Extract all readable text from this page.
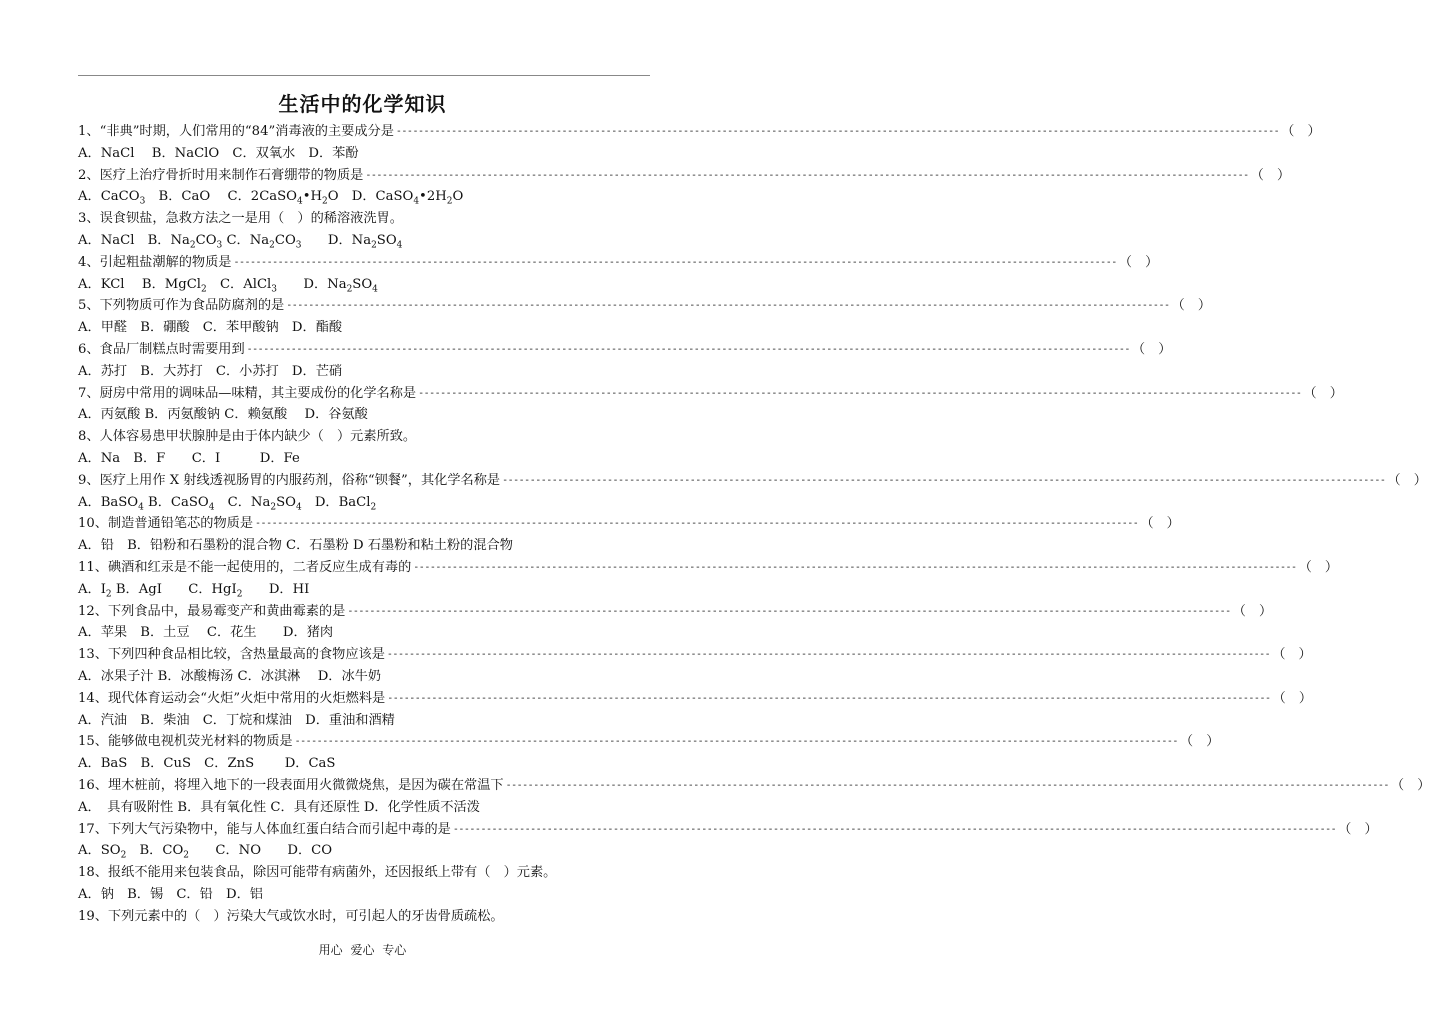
生活中的化学知识
1、“非典”时期，人们常用的“84”消毒液的主要成分是 ---------------------------------------------------------------------------------------------------------------------------------------------------------------- （　）
A．NaCl　 B．NaClO　C．双氧水　D．苯酚
2、医疗上治疗骨折时用来制作石膏绷带的物质是 ---------------------------------------------------------------------------------------------------------------------------------------------------------------- （　）
A．CaCO$_3$　B．CaO　 C．$2CaSO_4•H_2O$　D．$CaSO_4•2H_2O$
3、误食钡盐，急救方法之一是用（　）的稀溶液洗胃。
A．NaCl　B．$Na_2CO_3$ C．$Na_2CO_3$　　D．$Na_2SO_4$
4、引起粗盐潮解的物质是 ---------------------------------------------------------------------------------------------------------------------------------------------------------------- （　）
A．KCl　 B．MgCl$_2$　C．AlCl$_3$　　D．$Na_2SO_4$
5、下列物质可作为食品防腐剂的是 ---------------------------------------------------------------------------------------------------------------------------------------------------------------- （　）
A．甲醛　B．硼酸　C．苯甲酸钠　D．酯酸
6、食品厂制糕点时需要用到 ---------------------------------------------------------------------------------------------------------------------------------------------------------------- （　）
A．苏打　B．大苏打　C．小苏打　D．芒硝
7、厨房中常用的调味品—味精，其主要成份的化学名称是 ---------------------------------------------------------------------------------------------------------------------------------------------------------------- （　）
A．丙氨酸 B．丙氨酸钠 C．赖氨酸　 D．谷氨酸
8、人体容易患甲状腺肿是由于体内缺少（　）元素所致。
A．Na　B．F　　C．I　　　D．Fe
9、医疗上用作 X 射线透视肠胃的内服药剂，俗称“钡餐”，其化学名称是 ---------------------------------------------------------------------------------------------------------------------------------------------------------------- （　）
A．BaSO$_4$ B．CaSO$_4$　C．$Na_2SO_4$　D．BaCl$_2$
10、制造普通铅笔芯的物质是 ---------------------------------------------------------------------------------------------------------------------------------------------------------------- （　）
A．铅　B．铅粉和石墨粉的混合物 C．石墨粉 D 石墨粉和粘土粉的混合物
11、碘酒和红汞是不能一起使用的，二者反应生成有毒的 ---------------------------------------------------------------------------------------------------------------------------------------------------------------- （　）
A．$I_2$ B．AgI　　C．HgI$_2$　　D．HI
12、下列食品中，最易霉变产和黄曲霉素的是 ---------------------------------------------------------------------------------------------------------------------------------------------------------------- （　）
A．苹果　B．土豆　 C．花生　　D．猪肉
13、下列四种食品相比较，含热量最高的食物应该是 ---------------------------------------------------------------------------------------------------------------------------------------------------------------- （　）
A．冰果子汁 B．冰酸梅汤 C．冰淇淋　 D．冰牛奶
14、现代体育运动会“火炬”火炬中常用的火炬燃料是 ---------------------------------------------------------------------------------------------------------------------------------------------------------------- （　）
A．汽油　B．柴油　C．丁烷和煤油　D．重油和酒精
15、能够做电视机荧光材料的物质是 ---------------------------------------------------------------------------------------------------------------------------------------------------------------- （　）
A．BaS　B．CuS　C．ZnS　　 D．CaS
16、埋木桩前，将埋入地下的一段表面用火微微烧焦，是因为碳在常温下 ---------------------------------------------------------------------------------------------------------------------------------------------------------------- （　）
A．　具有吸附性 B．具有氧化性 C．具有还原性 D．化学性质不活泼
17、下列大气污染物中，能与人体血红蛋白结合而引起中毒的是 ---------------------------------------------------------------------------------------------------------------------------------------------------------------- （　）
A．$SO_2$　B．$CO_2$　　C．NO　　D．CO
18、报纸不能用来包装食品，除因可能带有病菌外，还因报纸上带有（　）元素。
A．钠　B．锡　C．铅　D．铝
19、下列元素中的（　）污染大气或饮水时，可引起人的牙齿骨质疏松。
用心 爱心 专心
